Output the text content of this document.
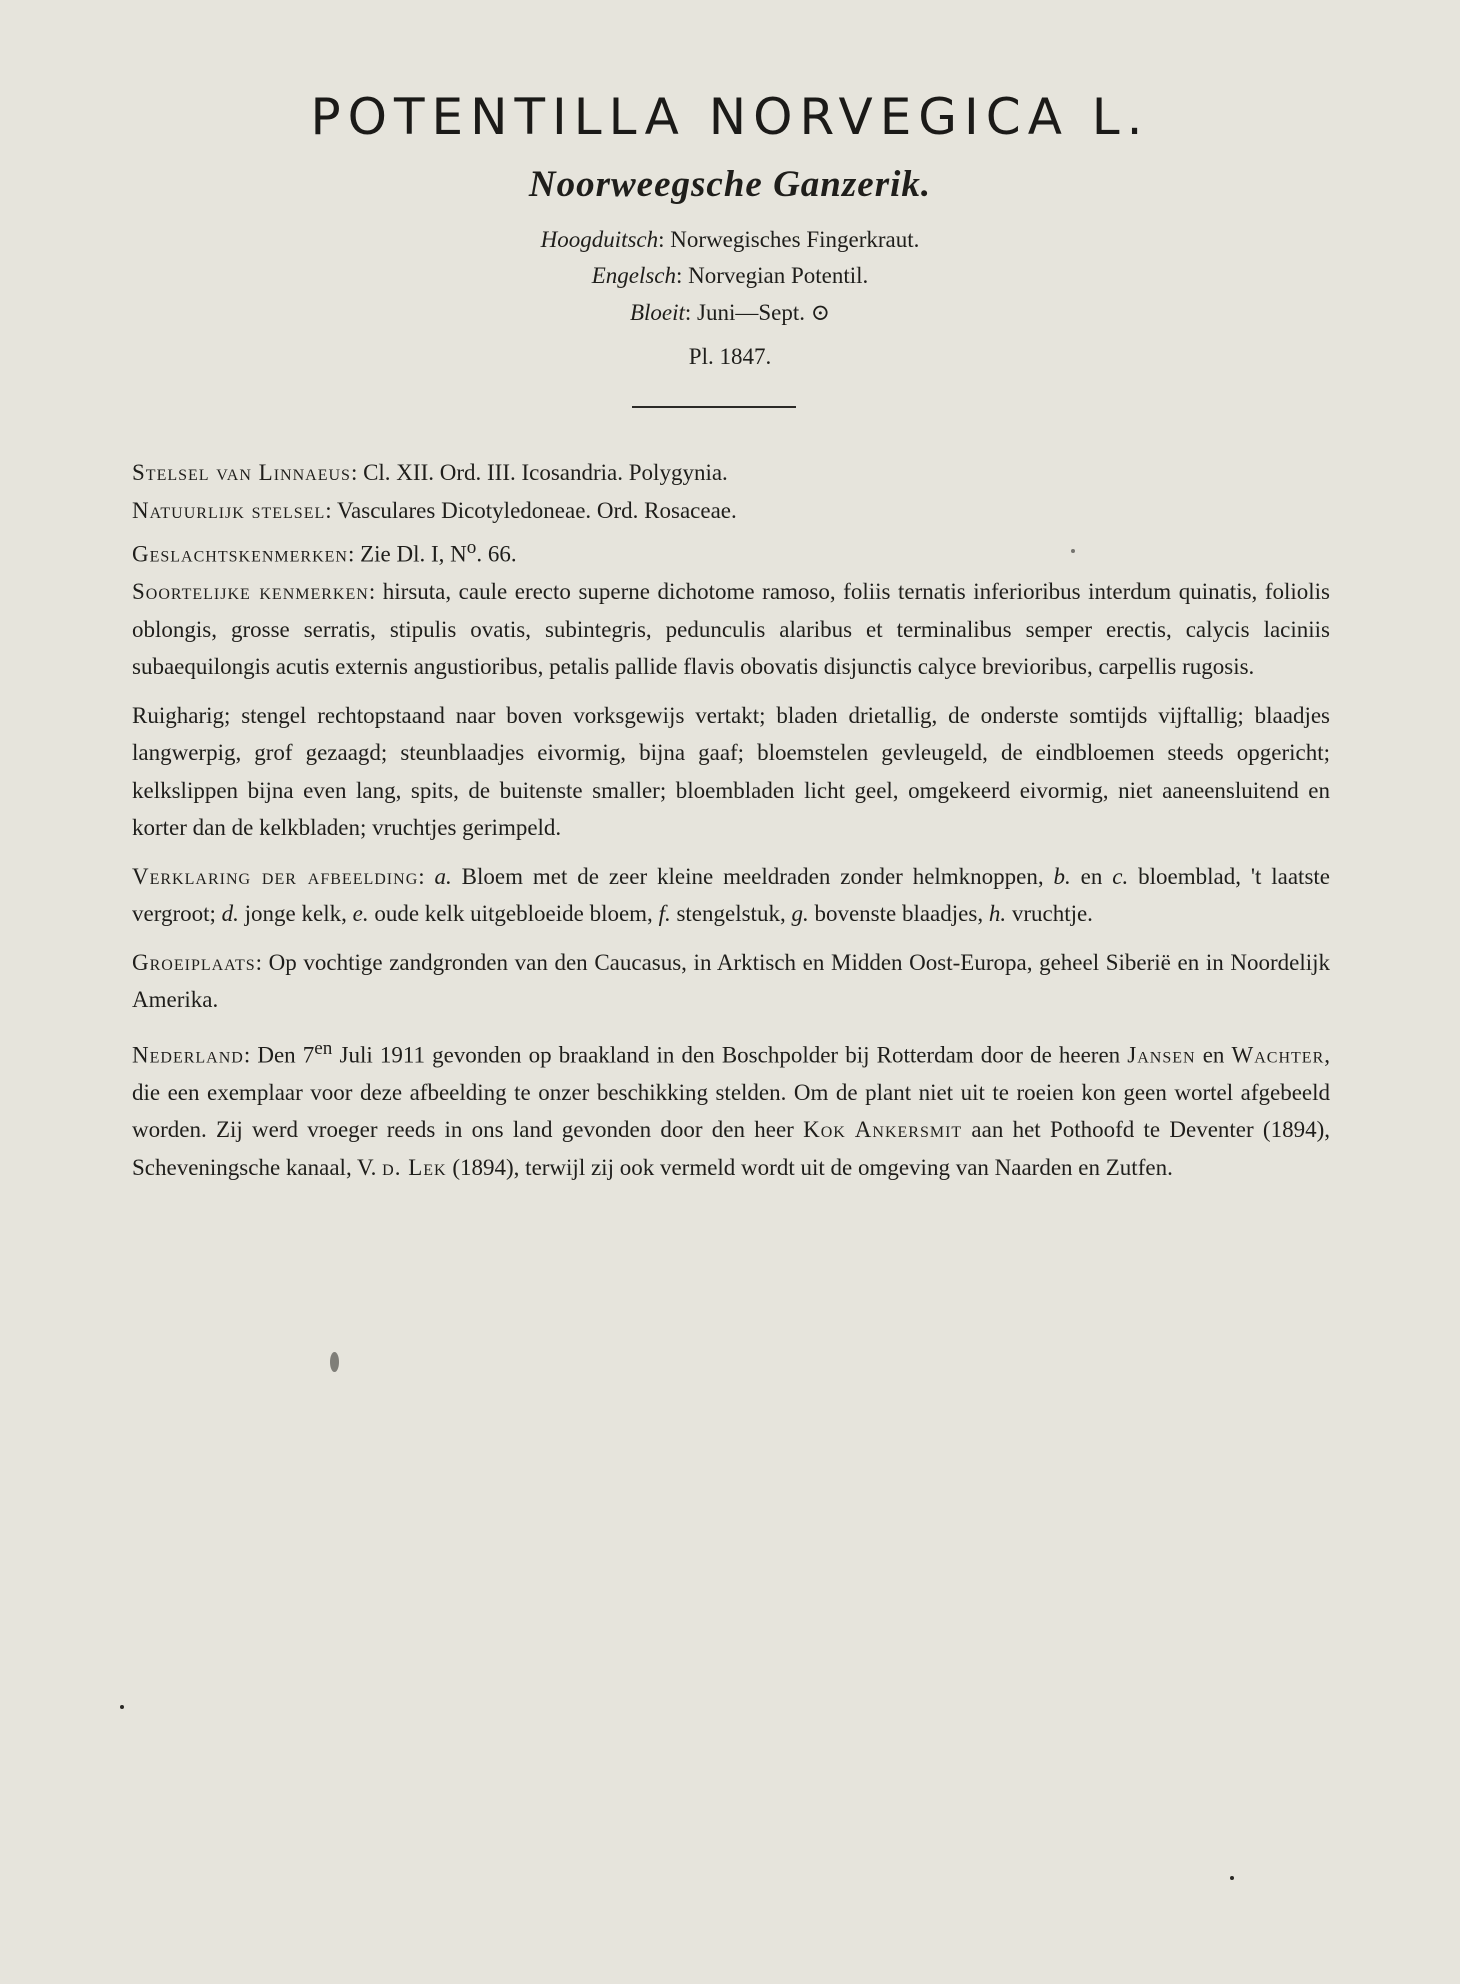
POTENTILLA NORVEGICA L.
Noorweegsche Ganzerik.
Hoogduitsch: Norwegisches Fingerkraut.
Engelsch: Norvegian Potentil.
Bloeit: Juni—Sept. ⊙
Pl. 1847.

Stelsel van Linnaeus: Cl. XII. Ord. III. Icosandria. Polygynia.

Natuurlijk stelsel: Vasculares Dicotyledoneae. Ord. Rosaceae.

Geslachtskenmerken: Zie Dl. I, $N^o$. 66.

Soortelijke kenmerken: hirsuta, caule erecto superne dichotome ramoso, foliis ternatis inferioribus interdum quinatis, foliolis oblongis, grosse serratis, stipulis ovatis, subintegris, pedunculis alaribus et terminalibus semper erectis, calycis laciniis subaequilongis acutis externis angustioribus, petalis pallide flavis obovatis disjunctis calyce brevioribus, carpellis rugosis.

Ruigharig; stengel rechtopstaand naar boven vorksgewijs vertakt; bladen drietallig, de onderste somtijds vijftallig; blaadjes langwerpig, grof gezaagd; steunblaadjes eivormig, bijna gaaf; bloemstelen gevleugeld, de eindbloemen steeds opgericht; kelkslippen bijna even lang, spits, de buitenste smaller; bloembladen licht geel, omgekeerd eivormig, niet aaneensluitend en korter dan de kelkbladen; vruchtjes gerimpeld.

Verklaring der afbeelding: a. Bloem met de zeer kleine meeldraden zonder helmknoppen, b. en c. bloemblad, 't laatste vergroot; d. jonge kelk, e. oude kelk uitgebloeide bloem, f. stengelstuk, g. bovenste blaadjes, h. vruchtje.

Groeiplaats: Op vochtige zandgronden van den Caucasus, in Arktisch en Midden Oost-Europa, geheel Siberië en in Noordelijk Amerika.

Nederland: Den $7^{en}$ Juli 1911 gevonden op braakland in den Boschpolder bij Rotterdam door de heeren Jansen en Wachter, die een exemplaar voor deze afbeelding te onzer beschikking stelden. Om de plant niet uit te roeien kon geen wortel afgebeeld worden. Zij werd vroeger reeds in ons land gevonden door den heer Kok Ankersmit aan het Pothoofd te Deventer (1894), Scheveningsche kanaal, V. d. Lek (1894), terwijl zij ook vermeld wordt uit de omgeving van Naarden en Zutfen.
